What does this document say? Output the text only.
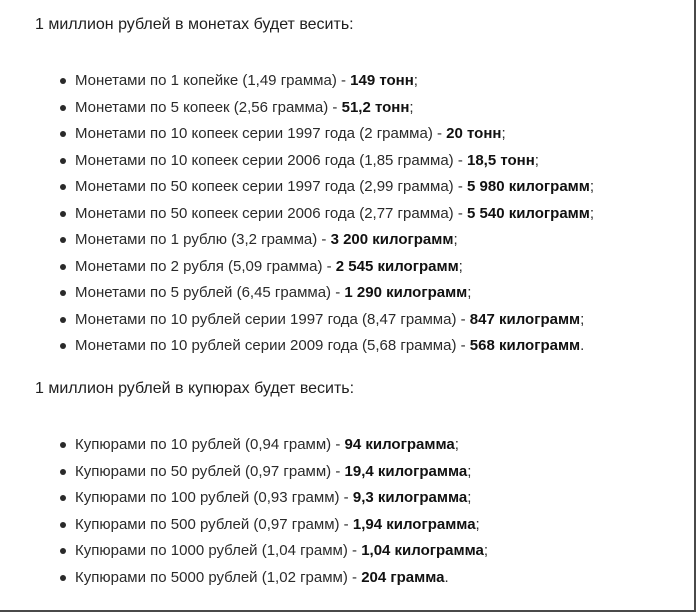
1 миллион рублей в монетах будет весить:
Монетами по 1 копейке (1,49 грамма) - 149 тонн;
Монетами по 5 копеек (2,56 грамма) - 51,2 тонн;
Монетами по 10 копеек серии 1997 года (2 грамма) - 20 тонн;
Монетами по 10 копеек серии 2006 года (1,85 грамма) - 18,5 тонн;
Монетами по 50 копеек серии 1997 года (2,99 грамма) - 5 980 килограмм;
Монетами по 50 копеек серии 2006 года (2,77 грамма) - 5 540 килограмм;
Монетами по 1 рублю (3,2 грамма) - 3 200 килограмм;
Монетами по 2 рубля (5,09 грамма) - 2 545 килограмм;
Монетами по 5 рублей (6,45 грамма) - 1 290 килограмм;
Монетами по 10 рублей серии 1997 года (8,47 грамма) - 847 килограмм;
Монетами по 10 рублей серии 2009 года (5,68 грамма) - 568 килограмм.
1 миллион рублей в купюрах будет весить:
Купюрами по 10 рублей (0,94 грамм) - 94 килограмма;
Купюрами по 50 рублей (0,97 грамм) - 19,4 килограмма;
Купюрами по 100 рублей (0,93 грамм) - 9,3 килограмма;
Купюрами по 500 рублей (0,97 грамм) - 1,94 килограмма;
Купюрами по 1000 рублей (1,04 грамм) - 1,04 килограмма;
Купюрами по 5000 рублей (1,02 грамм) - 204 грамма.
